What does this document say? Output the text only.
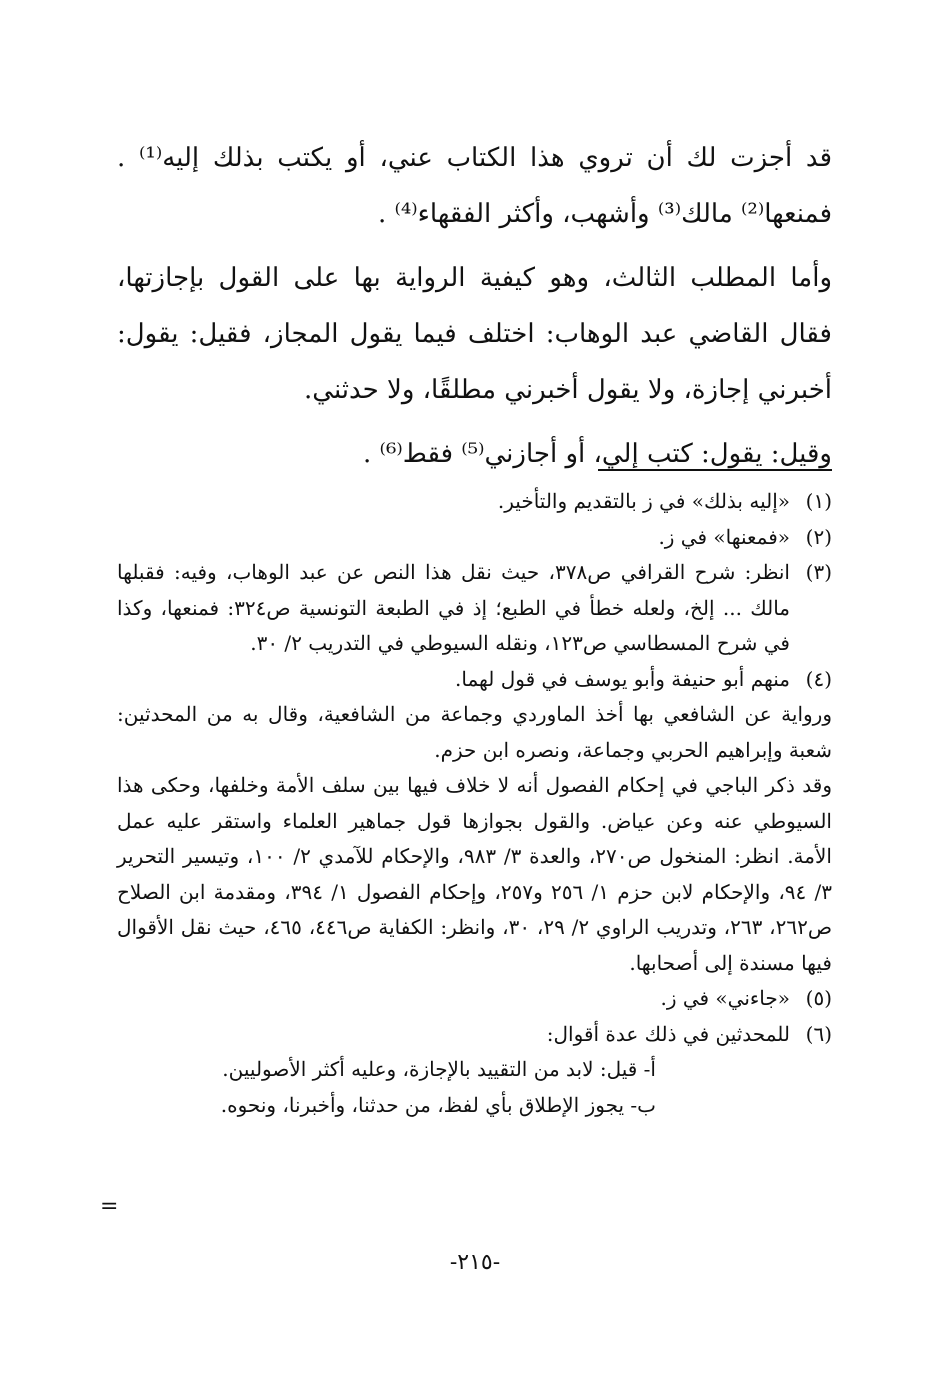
قد أجزت لك أن تروي هذا الكتاب عني، أو يكتب بذلك إليه⁽¹⁾ . فمنعها⁽²⁾ مالك⁽³⁾ وأشهب، وأكثر الفقهاء⁽⁴⁾ .

وأما المطلب الثالث، وهو كيفية الرواية بها على القول بإجازتها، فقال القاضي عبد الوهاب: اختلف فيما يقول المجاز، فقيل: يقول: أخبرني إجازة، ولا يقول أخبرني مطلقًا، ولا حدثني.

وقيل: يقول: كتب إلي، أو أجازني⁽⁵⁾ فقط⁽⁶⁾ .

(١)
«إليه بذلك» في ز بالتقديم والتأخير.
(٢)
«فمعنها» في ز.
(٣)
انظر: شرح القرافي ص٣٧٨، حيث نقل هذا النص عن عبد الوهاب، وفيه: فقبلها مالك ... إلخ، ولعله خطأ في الطبع؛ إذ في الطبعة التونسية ص٣٢٤: فمنعها، وكذا في شرح المسطاسي ص١٢٣، ونقله السيوطي في التدريب ٢/ ٣٠.
(٤)
منهم أبو حنيفة وأبو يوسف في قول لهما.
ورواية عن الشافعي بها أخذ الماوردي وجماعة من الشافعية، وقال به من المحدثين: شعبة وإبراهيم الحربي وجماعة، ونصره ابن حزم.
وقد ذكر الباجي في إحكام الفصول أنه لا خلاف فيها بين سلف الأمة وخلفها، وحكى هذا السيوطي عنه وعن عياض. والقول بجوازها قول جماهير العلماء واستقر عليه عمل الأمة. انظر: المنخول ص٢٧٠، والعدة ٣/ ٩٨٣، والإحكام للآمدي ٢/ ١٠٠، وتيسير التحرير ٣/ ٩٤، والإحكام لابن حزم ١/ ٢٥٦ و٢٥٧، وإحكام الفصول ١/ ٣٩٤، ومقدمة ابن الصلاح ص٢٦٢، ٢٦٣، وتدريب الراوي ٢/ ٢٩، ٣٠، وانظر: الكفاية ص٤٤٦، ٤٦٥، حيث نقل الأقوال فيها مسندة إلى أصحابها.
(٥)
«جاءني» في ز.
(٦)
للمحدثين في ذلك عدة أقوال:
أ- قيل: لابد من التقييد بالإجازة، وعليه أكثر الأصوليين.
ب- يجوز الإطلاق بأي لفظ، من حدثنا، وأخبرنا، ونحوه.
=
-٢١٥-
